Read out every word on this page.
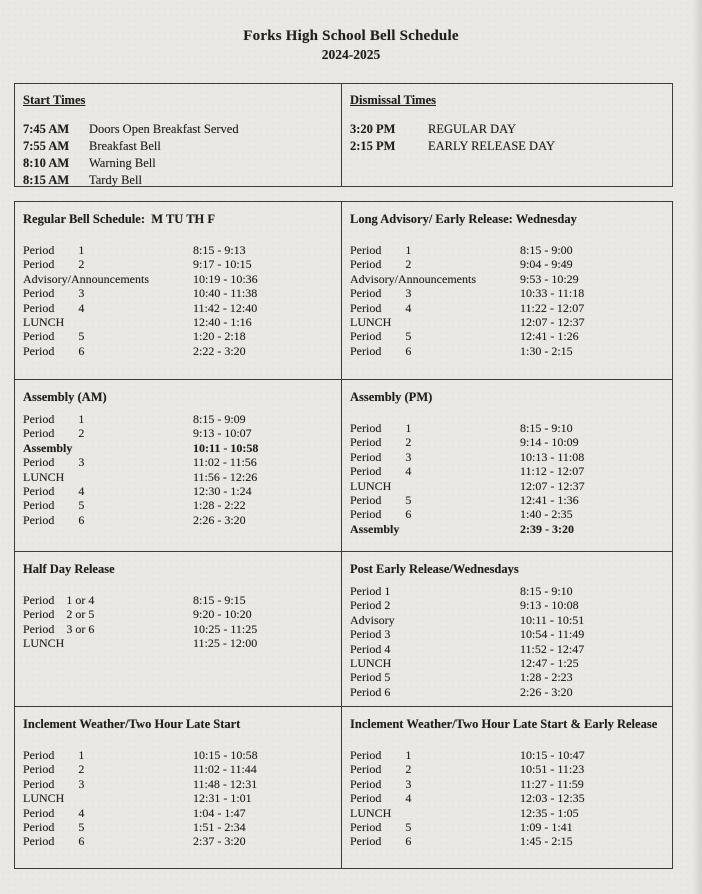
Forks High School Bell Schedule
2024-2025
Start Times
7:45 AM	Doors Open Breakfast Served
7:55 AM	Breakfast Bell
8:10 AM	Warning Bell
8:15 AM	Tardy Bell
Dismissal Times
3:20 PM	REGULAR DAY
2:15 PM	EARLY RELEASE DAY
Regular Bell Schedule:  M TU TH F
Period        1	8:15 - 9:13
Period        2	9:17 - 10:15
Advisory/Announcements	10:19 - 10:36
Period        3	10:40 - 11:38
Period        4	11:42 - 12:40
LUNCH	12:40 - 1:16
Period        5	1:20 - 2:18
Period        6	2:22 - 3:20
Long Advisory/ Early Release: Wednesday
Period        1	8:15 - 9:00
Period        2	9:04 - 9:49
Advisory/Announcements	9:53 - 10:29
Period        3	10:33 - 11:18
Period        4	11:22 - 12:07
LUNCH	12:07 - 12:37
Period        5	12:41 - 1:26
Period        6	1:30 - 2:15
Assembly (AM)
Period        1	8:15 - 9:09
Period        2	9:13 - 10:07
Assembly	10:11 - 10:58
Period        3	11:02 - 11:56
LUNCH	11:56 - 12:26
Period        4	12:30 - 1:24
Period        5	1:28 - 2:22
Period        6	2:26 - 3:20
Assembly (PM)
Period        1	8:15 - 9:10
Period        2	9:14 - 10:09
Period        3	10:13 - 11:08
Period        4	11:12 - 12:07
LUNCH	12:07 - 12:37
Period        5	12:41 - 1:36
Period        6	1:40 - 2:35
Assembly	2:39 - 3:20
Half Day Release
Period    1 or 4	8:15 - 9:15
Period    2 or 5	9:20 - 10:20
Period    3 or 6	10:25 - 11:25
LUNCH	11:25 - 12:00
Post Early Release/Wednesdays
Period 1	8:15 - 9:10
Period 2	9:13 - 10:08
Advisory	10:11 - 10:51
Period 3	10:54 - 11:49
Period 4	11:52 - 12:47
LUNCH	12:47 - 1:25
Period 5	1:28 - 2:23
Period 6	2:26 - 3:20
Inclement Weather/Two Hour Late Start
Period        1	10:15 - 10:58
Period        2	11:02 - 11:44
Period        3	11:48 - 12:31
LUNCH	12:31 - 1:01
Period        4	1:04 - 1:47
Period        5	1:51 - 2:34
Period        6	2:37 - 3:20
Inclement Weather/Two Hour Late Start & Early Release
Period        1	10:15 - 10:47
Period        2	10:51 - 11:23
Period        3	11:27 - 11:59
Period        4	12:03 - 12:35
LUNCH	12:35 - 1:05
Period        5	1:09 - 1:41
Period        6	1:45 - 2:15
